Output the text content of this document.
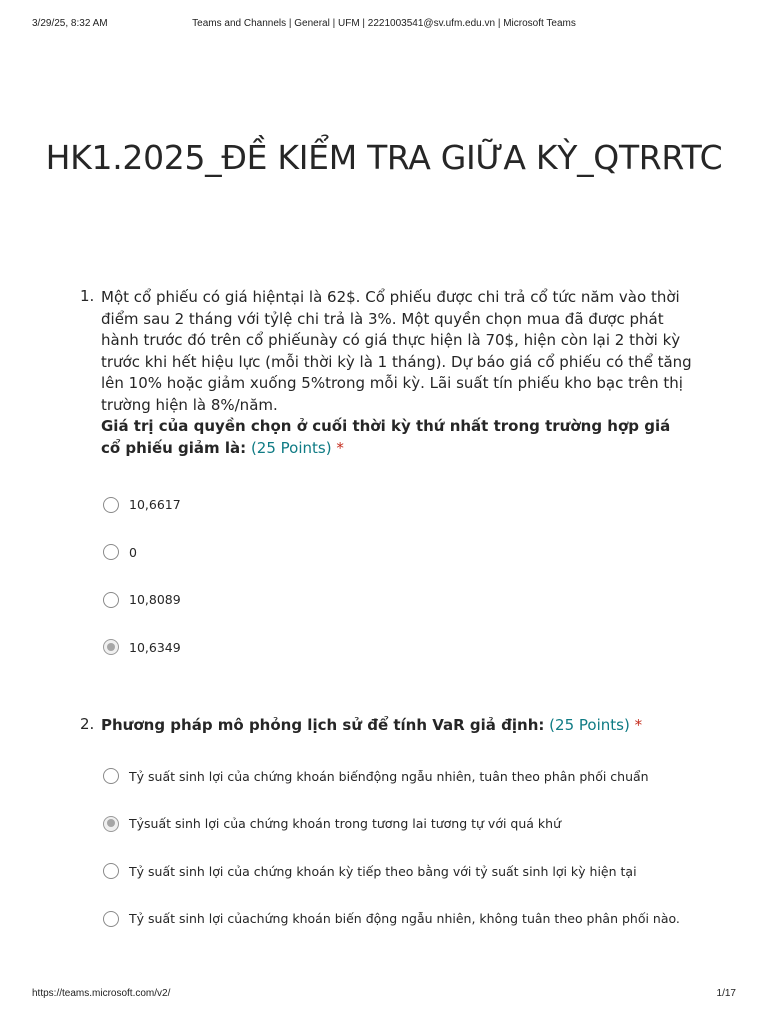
3/29/25, 8:32 AM	Teams and Channels | General | UFM | 2221003541@sv.ufm.edu.vn | Microsoft Teams
HK1.2025_ĐỀ KIỂM TRA GIỮA KỲ_QTRRTC
1. Một cổ phiếu có giá hiệntại là 62$. Cổ phiếu được chi trả cổ tức năm vào thời điểm sau 2 tháng với tỷlệ chi trả là 3%. Một quyền chọn mua đã được phát hành trước đó trên cổ phiếunày có giá thực hiện là 70$, hiện còn lại 2 thời kỳ trước khi hết hiệu lực (mỗi thời kỳ là 1 tháng). Dự báo giá cổ phiếu có thể tăng lên 10% hoặc giảm xuống 5%trong mỗi kỳ. Lãi suất tín phiếu kho bạc trên thị trường hiện là 8%/năm.
Giá trị của quyền chọn ở cuối thời kỳ thứ nhất trong trường hợp giá cổ phiếu giảm là: (25 Points) *
10,6617
0
10,8089
10,6349
2. Phương pháp mô phỏng lịch sử để tính VaR giả định: (25 Points) *
Tỷ suất sinh lợi của chứng khoán biếnđộng ngẫu nhiên, tuân theo phân phối chuẩn
Tỷsuất sinh lợi của chứng khoán trong tương lai tương tự với quá khứ
Tỷ suất sinh lợi của chứng khoán kỳ tiếp theo bằng với tỷ suất sinh lợi kỳ hiện tại
Tỷ suất sinh lợi củachứng khoán biến động ngẫu nhiên, không tuân theo phân phối nào.
https://teams.microsoft.com/v2/	1/17
